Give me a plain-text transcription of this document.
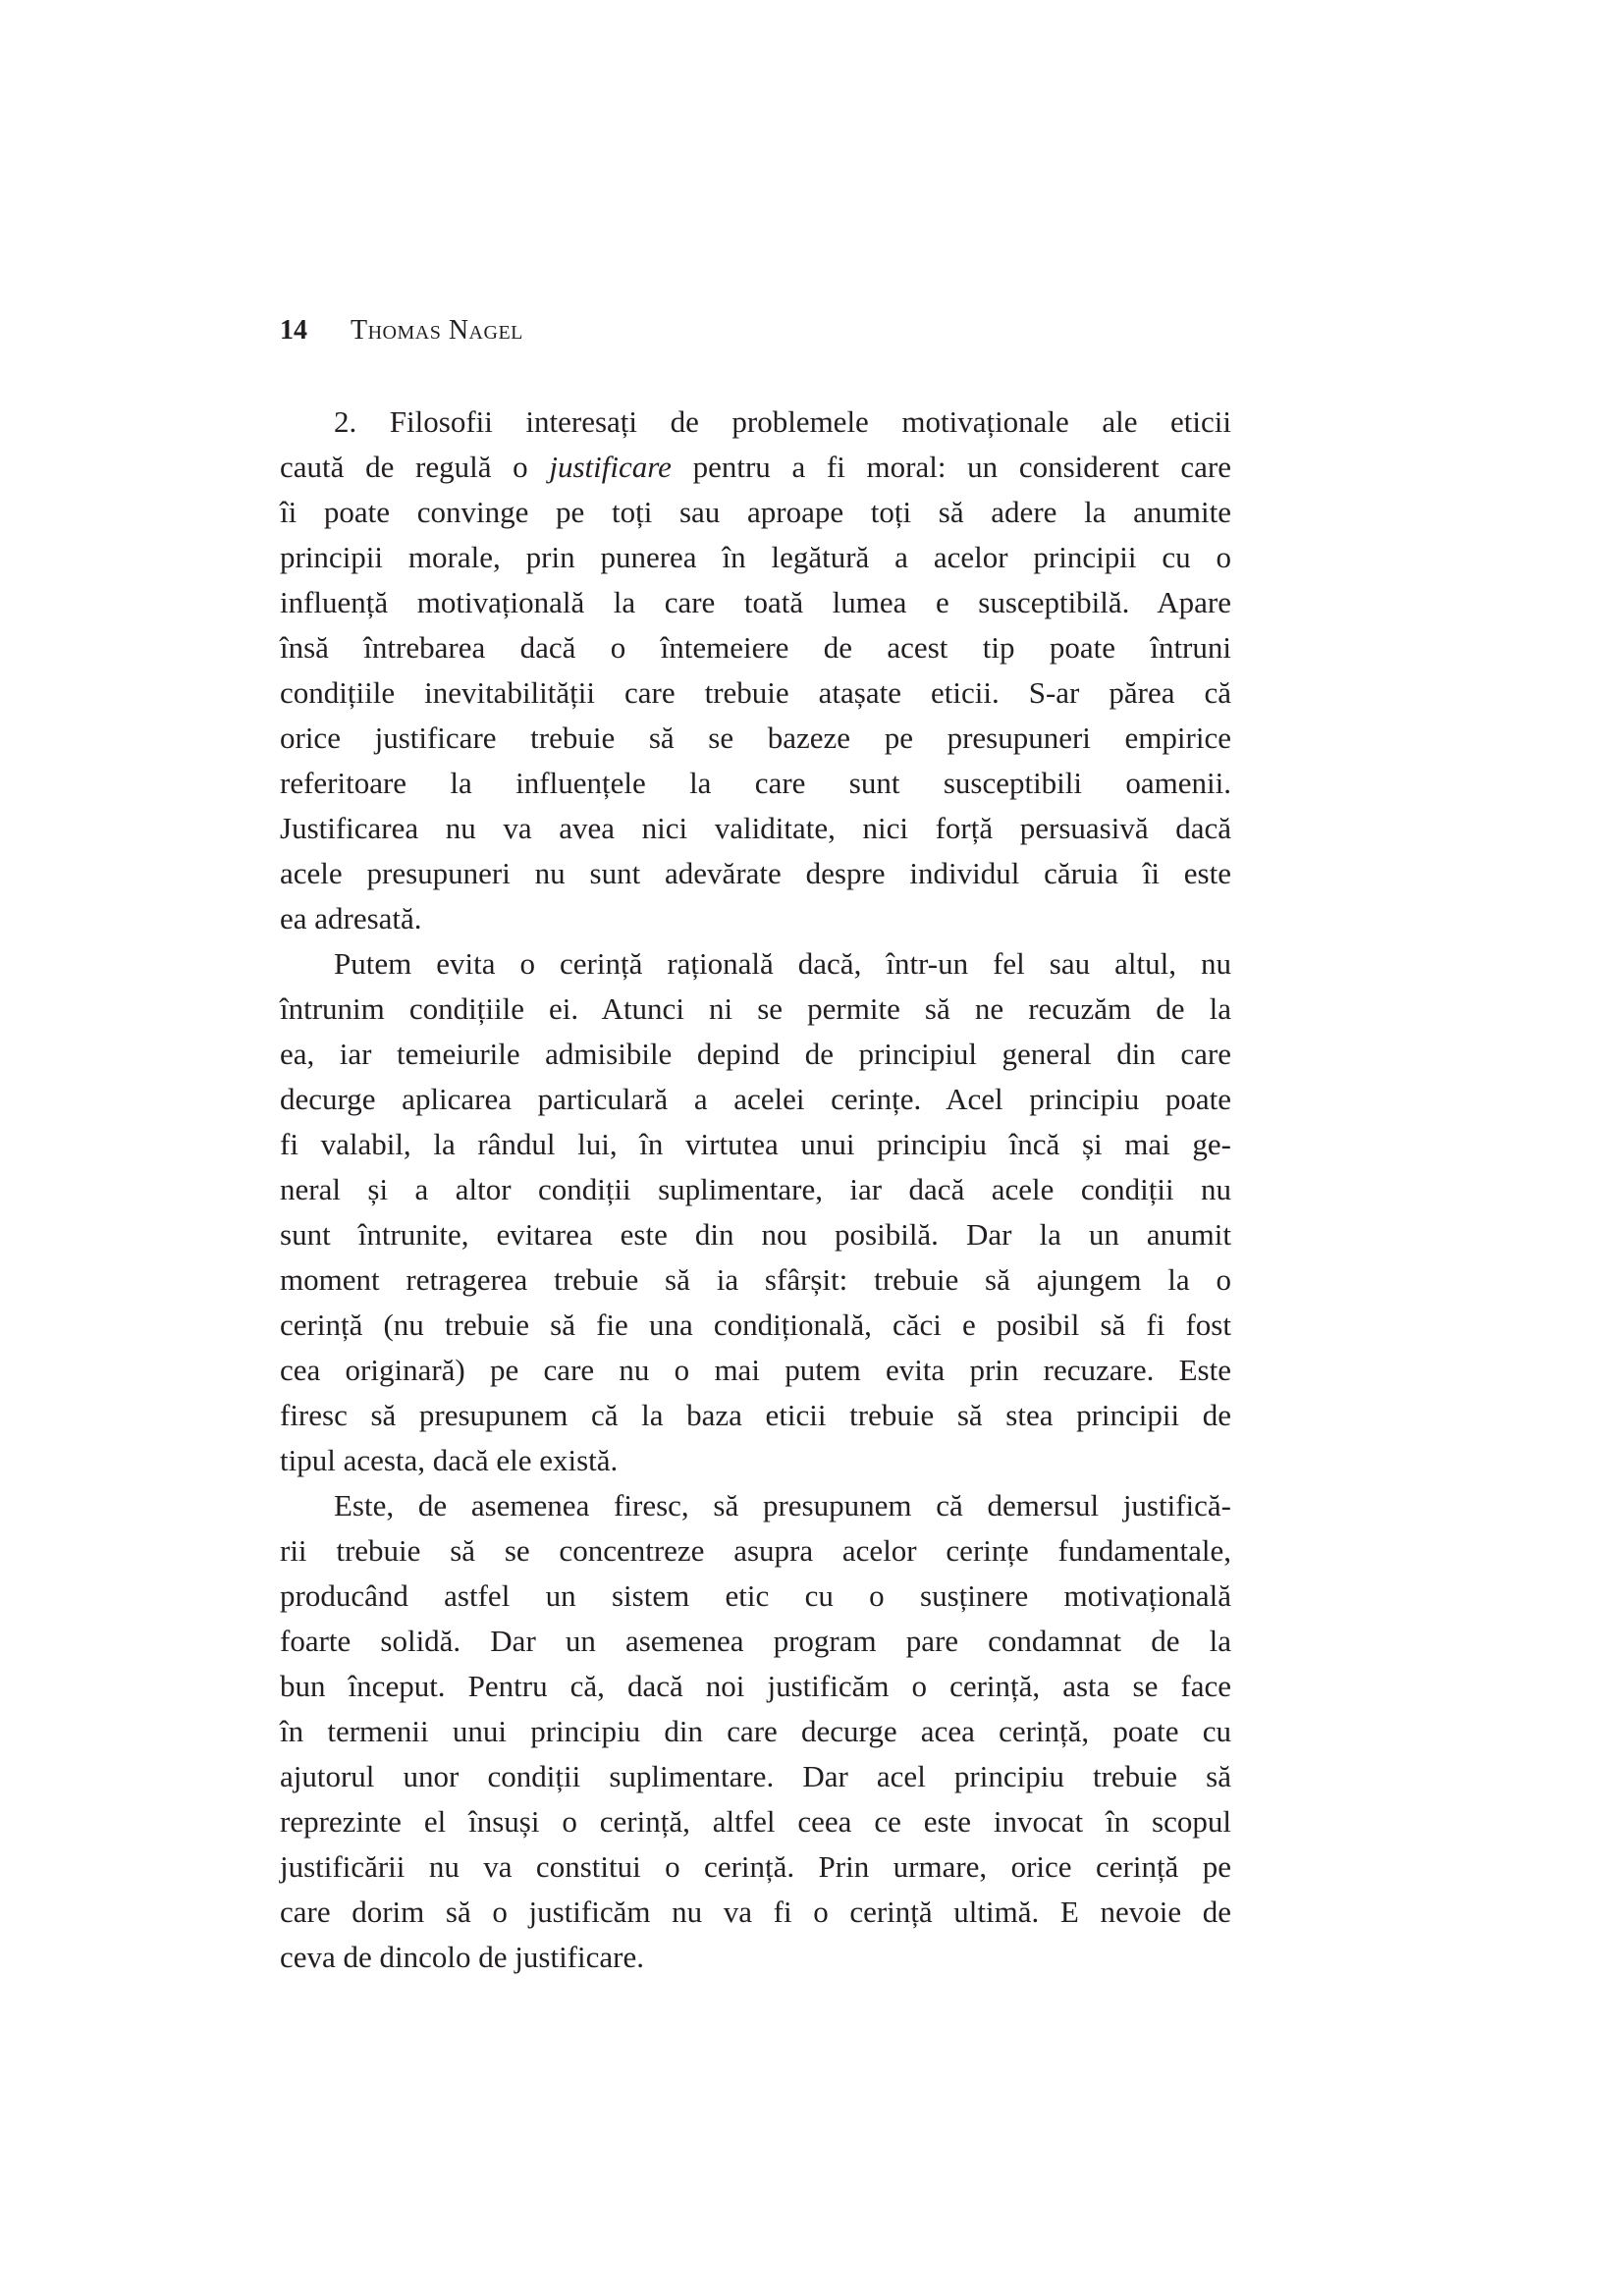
14 Thomas Nagel
2. Filosofii interesați de problemele motivaționale ale eticii
caută de regulă o justificare pentru a fi moral: un considerent care
îi poate convinge pe toți sau aproape toți să adere la anumite
principii morale, prin punerea în legătură a acelor principii cu o
influență motivațională la care toată lumea e susceptibilă. Apare
însă întrebarea dacă o întemeiere de acest tip poate întruni
condițiile inevitabilității care trebuie atașate eticii. S-ar părea că
orice justificare trebuie să se bazeze pe presupuneri empirice
referitoare la influențele la care sunt susceptibili oamenii.
Justificarea nu va avea nici validitate, nici forță persuasivă dacă
acele presupuneri nu sunt adevărate despre individul căruia îi este
ea adresată.
Putem evita o cerință rațională dacă, într-un fel sau altul, nu
întrunim condițiile ei. Atunci ni se permite să ne recuzăm de la
ea, iar temeiurile admisibile depind de principiul general din care
decurge aplicarea particulară a acelei cerințe. Acel principiu poate
fi valabil, la rândul lui, în virtutea unui principiu încă și mai ge-
neral și a altor condiții suplimentare, iar dacă acele condiții nu
sunt întrunite, evitarea este din nou posibilă. Dar la un anumit
moment retragerea trebuie să ia sfârșit: trebuie să ajungem la o
cerință (nu trebuie să fie una condițională, căci e posibil să fi fost
cea originară) pe care nu o mai putem evita prin recuzare. Este
firesc să presupunem că la baza eticii trebuie să stea principii de
tipul acesta, dacă ele există.
Este, de asemenea firesc, să presupunem că demersul justifică-
rii trebuie să se concentreze asupra acelor cerințe fundamentale,
producând astfel un sistem etic cu o susținere motivațională
foarte solidă. Dar un asemenea program pare condamnat de la
bun început. Pentru că, dacă noi justificăm o cerință, asta se face
în termenii unui principiu din care decurge acea cerință, poate cu
ajutorul unor condiții suplimentare. Dar acel principiu trebuie să
reprezinte el însuși o cerință, altfel ceea ce este invocat în scopul
justificării nu va constitui o cerință. Prin urmare, orice cerință pe
care dorim să o justificăm nu va fi o cerință ultimă. E nevoie de
ceva de dincolo de justificare.
